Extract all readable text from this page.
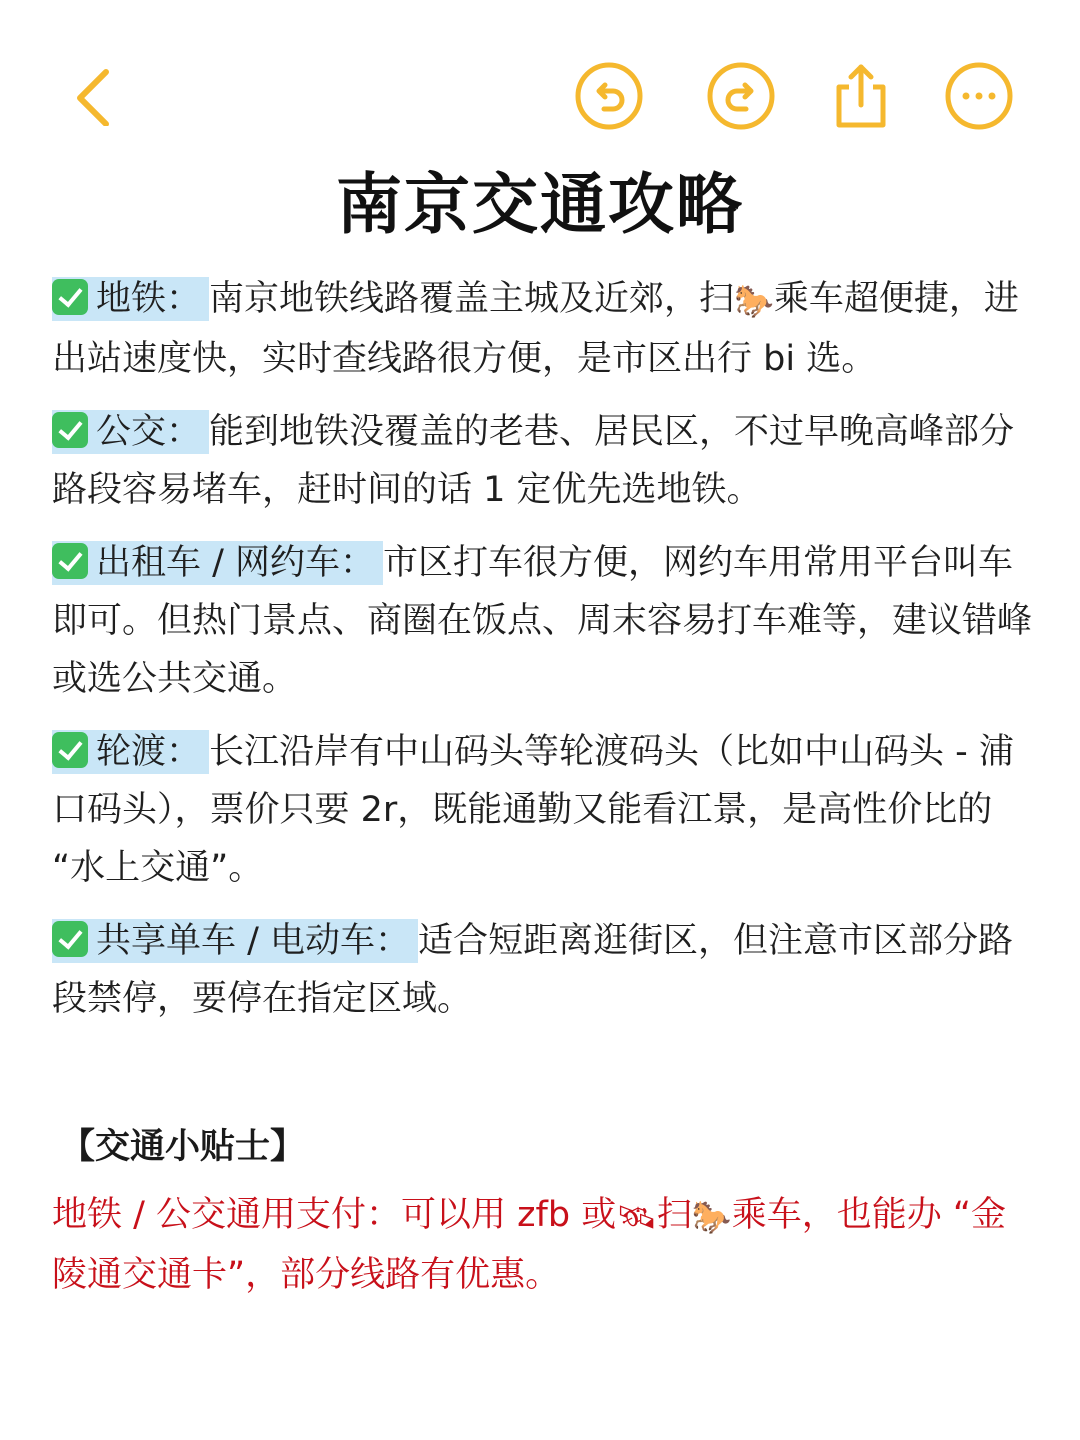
南京交通攻略

地铁： 南京地铁线路覆盖主城及近郊，扫🐎乘车超便捷，进出站速度快，实时查线路很方便，是市区出行 bi 选。

公交： 能到地铁没覆盖的老巷、居民区，不过早晚高峰部分路段容易堵车，赶时间的话 1 定优先选地铁。

出租车 / 网约车： 市区打车很方便，网约车用常用平台叫车即可。但热门景点、商圈在饭点、周末容易打车难等，建议错峰或选公共交通。

轮渡： 长江沿岸有中山码头等轮渡码头（比如中山码头 - 浦口码头），票价只要 2r，既能通勤又能看江景，是高性价比的 “水上交通”。

共享单车 / 电动车： 适合短距离逛街区，但注意市区部分路段禁停，要停在指定区域。

【交通小贴士】
地铁 / 公交通用支付：可以用 zfb 或🛰扫🐎乘车，也能办 “金陵通交通卡”，部分线路有优惠。
